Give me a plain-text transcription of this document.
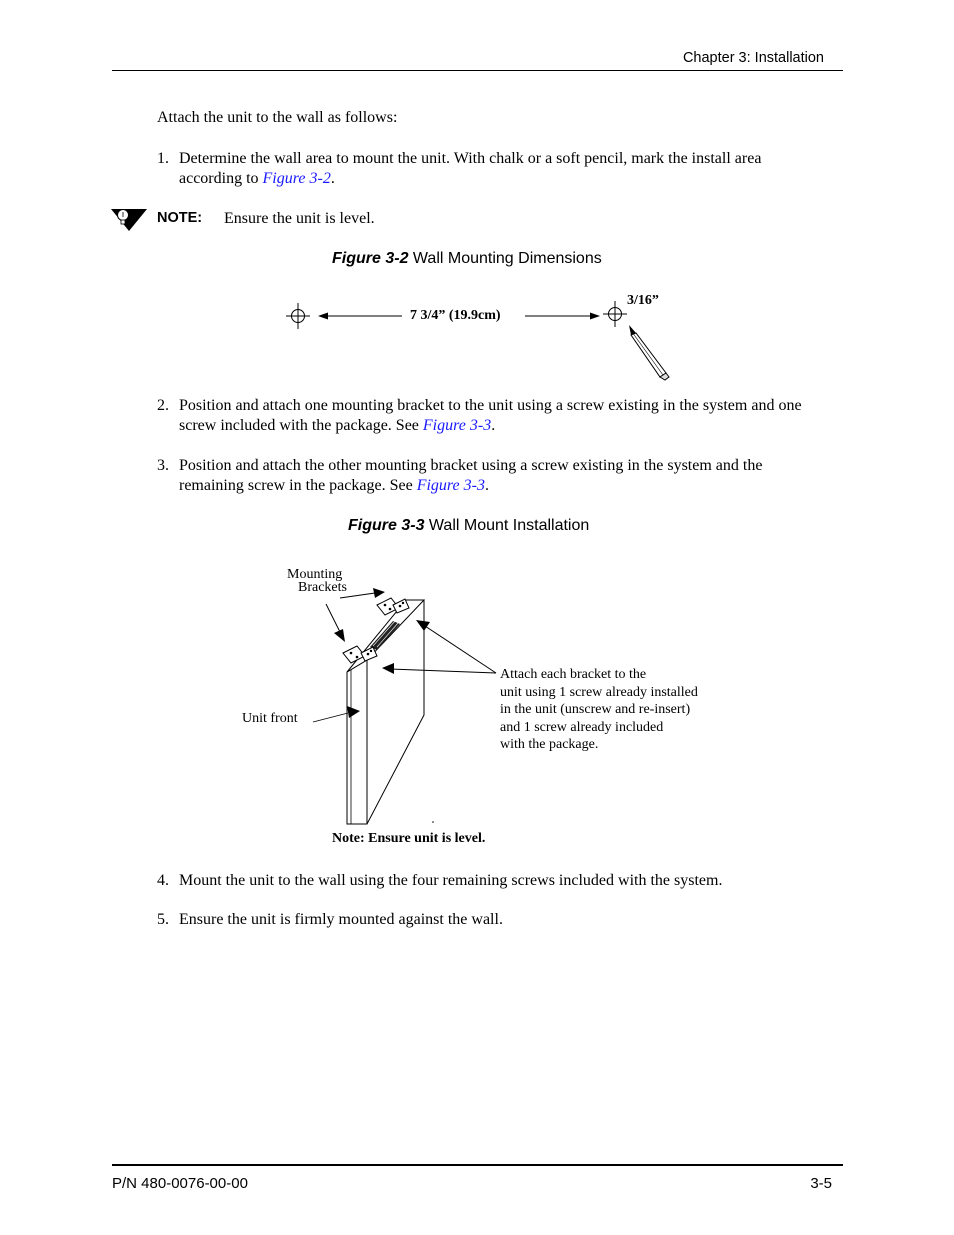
Chapter 3: Installation
Attach the unit to the wall as follows:
1. Determine the wall area to mount the unit. With chalk or a soft pencil, mark the install area
according to Figure 3-2.
NOTE: Ensure the unit is level.
Figure 3-2 Wall Mounting Dimensions
7 3/4” (19.9cm)
3/16”
2. Position and attach one mounting bracket to the unit using a screw existing in the system and one
screw included with the package. See Figure 3-3.
3. Position and attach the other mounting bracket using a screw existing in the system and the
remaining screw in the package. See Figure 3-3.
Figure 3-3 Wall Mount Installation
Mounting
Brackets
Unit front
Attach each bracket to the
unit using 1 screw already installed
in the unit (unscrew and re-insert)
and 1 screw already included
with the package.
Note: Ensure unit is level.
4. Mount the unit to the wall using the four remaining screws included with the system.
5. Ensure the unit is firmly mounted against the wall.
P/N 480-0076-00-00	3-5
